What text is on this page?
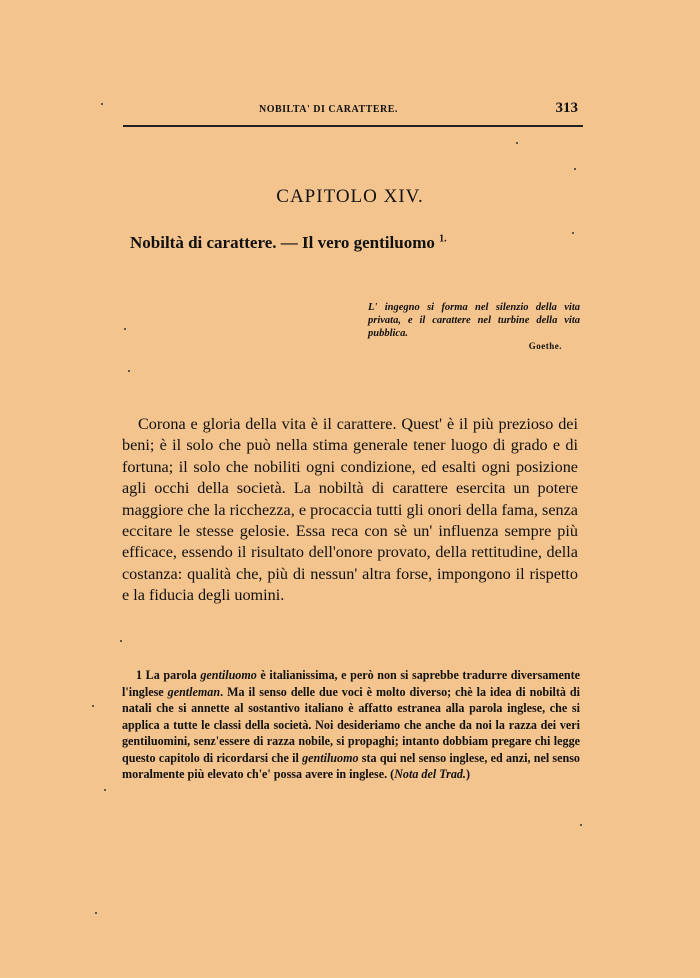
NOBILTA' DI CARATTERE.	313
CAPITOLO XIV.
Nobiltà di carattere. — Il vero gentiluomo $^{1.}$
L' ingegno si forma nel silenzio della vita privata, e il carattere nel turbine della vita pubblica.
Goethe.
Corona e gloria della vita è il carattere. Quest' è il più prezioso dei beni; è il solo che può nella stima generale tener luogo di grado e di fortuna; il solo che nobiliti ogni condizione, ed esalti ogni posizione agli occhi della società. La nobiltà di carattere esercita un potere maggiore che la ricchezza, e procaccia tutti gli onori della fama, senza eccitare le stesse gelosie. Essa reca con sè un' influenza sempre più efficace, essendo il risultato dell'onore provato, della rettitudine, della costanza: qualità che, più di nessun' altra forse, impongono il rispetto e la fiducia degli uomini.
1 La parola gentiluomo è italianissima, e però non si saprebbe tradurre diversamente l'inglese gentleman. Ma il senso delle due voci è molto diverso; chè la idea di nobiltà di natali che si annette al sostantivo italiano è affatto estranea alla parola inglese, che si applica a tutte le classi della società. Noi desideriamo che anche da noi la razza dei veri gentiluomini, senz'essere di razza nobile, si propaghi; intanto dobbiam pregare chi legge questo capitolo di ricordarsi che il gentiluomo sta qui nel senso inglese, ed anzi, nel senso moralmente più elevato ch'e' possa avere in inglese. (Nota del Trad.)
